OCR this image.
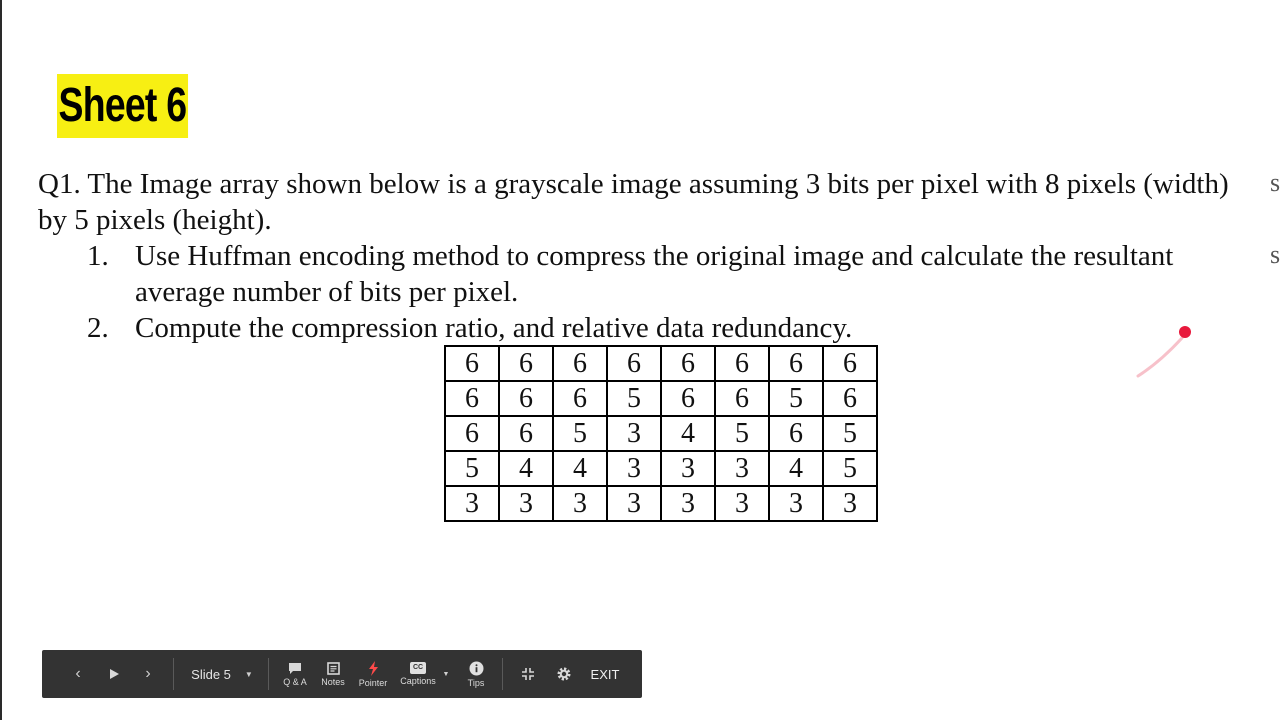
Sheet 6
Q1. The Image array shown below is a grayscale image assuming 3 bits per pixel with 8 pixels (width) by 5 pixels (height).
1. Use Huffman encoding method to compress the original image and calculate the resultant average number of bits per pixel.
2. Compute the compression ratio, and relative data redundancy.
6	6	6	6	6	6	6	6
6	6	6	5	6	6	5	6
6	6	5	3	4	5	6	5
5	4	4	3	3	3	4	5
3	3	3	3	3	3	3	3
s
s
‹	›	Slide 5 ▼
Q & A Notes Pointer
CC
Captions
▼
Tips
EXIT
